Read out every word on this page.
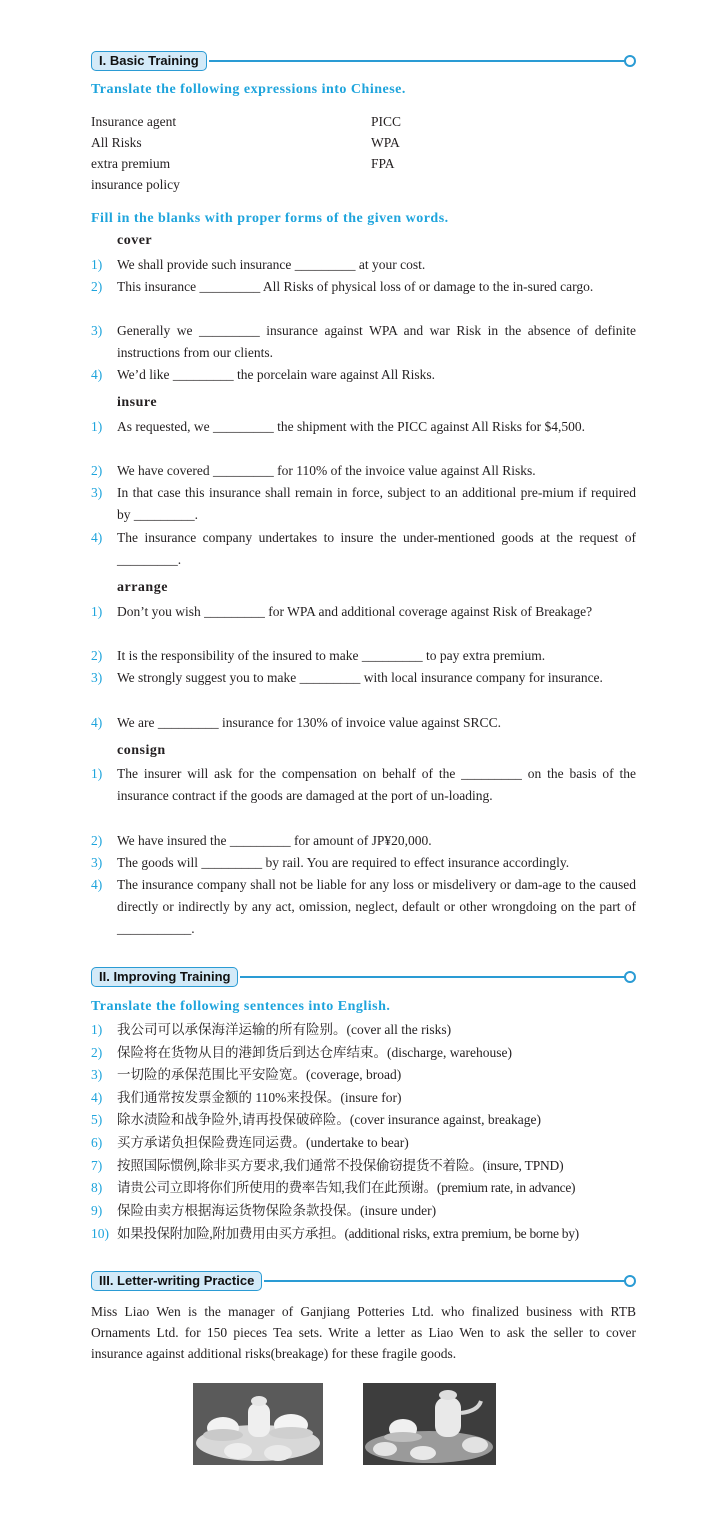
I. Basic Training
Translate the following expressions into Chinese.
Insurance agent
All Risks
extra premium
insurance policy
PICC
WPA
FPA
Fill in the blanks with proper forms of the given words.
cover
1) We shall provide such insurance _________ at your cost.
2) This insurance _________ All Risks of physical loss of or damage to the in-sured cargo.
3) Generally we _________ insurance against WPA and war Risk in the absence of definite instructions from our clients.
4) We’d like _________ the porcelain ware against All Risks.
insure
1) As requested, we _________ the shipment with the PICC against All Risks for $4,500.
2) We have covered _________ for 110% of the invoice value against All Risks.
3) In that case this insurance shall remain in force, subject to an additional pre-mium if required by _________.
4) The insurance company undertakes to insure the under-mentioned goods at the request of _________.
arrange
1) Don’t you wish _________ for WPA and additional coverage against Risk of Breakage?
2) It is the responsibility of the insured to make _________ to pay extra premium.
3) We strongly suggest you to make _________ with local insurance company for insurance.
4) We are _________ insurance for 130% of invoice value against SRCC.
consign
1) The insurer will ask for the compensation on behalf of the _________ on the basis of the insurance contract if the goods are damaged at the port of un-loading.
2) We have insured the _________ for amount of JP¥20,000.
3) The goods will _________ by rail. You are required to effect insurance accordingly.
4) The insurance company shall not be liable for any loss or misdelivery or dam-age to the caused directly or indirectly by any act, omission, neglect, default or other wrongdoing on the part of ___________.
II. Improving Training
Translate the following sentences into English.
1) 我公司可以承保海洋运输的所有险别。(cover all the risks)
2) 保险将在货物从目的港卸货后到达仓库结束。(discharge, warehouse)
3) 一切险的承保范围比平安险宽。(coverage, broad)
4) 我们通常按发票金额的 110%来投保。(insure for)
5) 除水渍险和战争险外,请再投保破碎险。(cover insurance against, breakage)
6) 买方承诺负担保险费连同运费。(undertake to bear)
7) 按照国际惯例,除非买方要求,我们通常不投保偷窃提货不着险。(insure, TPND)
8) 请贵公司立即将你们所使用的费率告知,我们在此预谢。(premium rate, in advance)
9) 保险由卖方根据海运货物保险条款投保。(insure under)
10) 如果投保附加险,附加费用由买方承担。(additional risks, extra premium, be borne by)
III. Letter-writing Practice
Miss Liao Wen is the manager of Ganjiang Potteries Ltd. who finalized business with RTB Ornaments Ltd. for 150 pieces Tea sets. Write a letter as Liao Wen to ask the seller to cover insurance against additional risks(breakage) for these fragile goods.
